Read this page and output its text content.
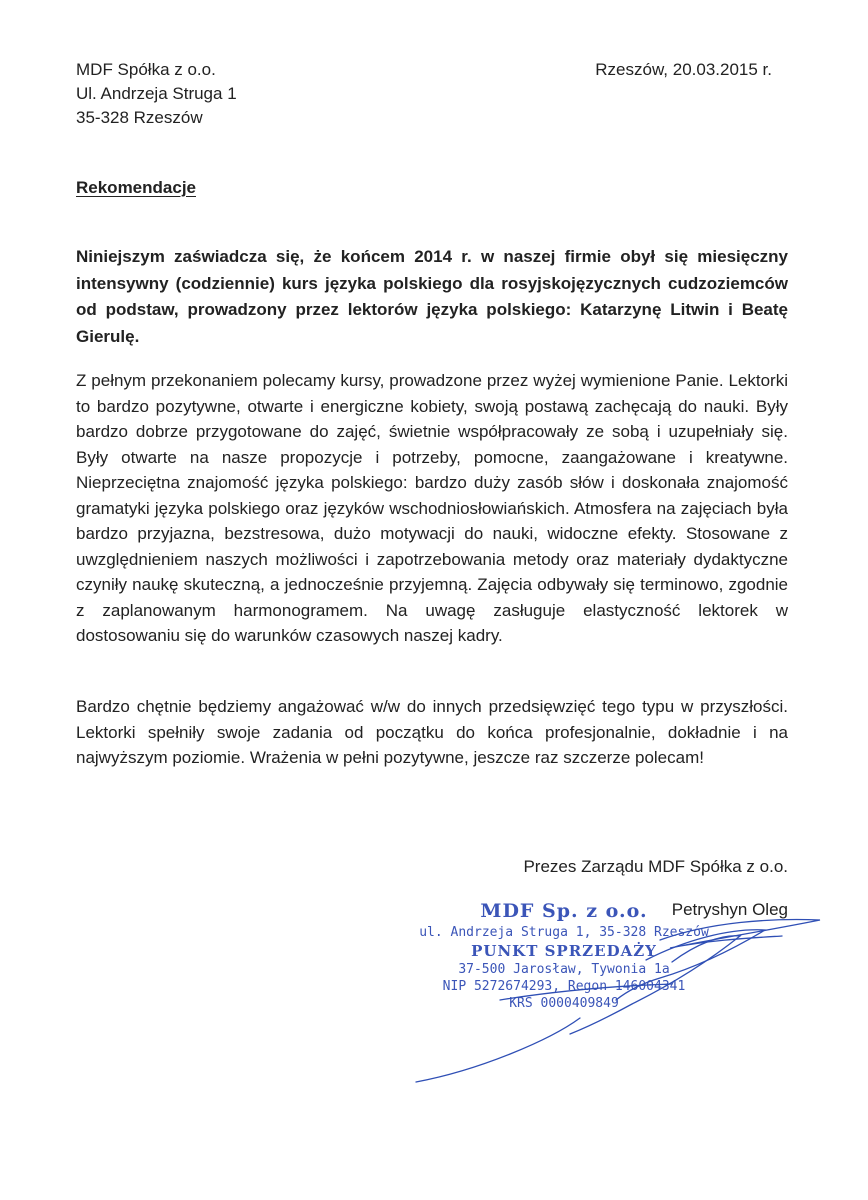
MDF Spółka z o.o.
Ul. Andrzeja Struga 1
35-328 Rzeszów
Rzeszów, 20.03.2015 r.
Rekomendacje

Niniejszym zaświadcza się, że końcem 2014 r. w naszej firmie obył się miesięczny intensywny (codziennie) kurs języka polskiego dla rosyjskojęzycznych cudzoziemców od podstaw, prowadzony przez lektorów języka polskiego: Katarzynę Litwin i Beatę Gierulę.

Z pełnym przekonaniem polecamy kursy, prowadzone przez wyżej wymienione Panie. Lektorki to bardzo pozytywne, otwarte i energiczne kobiety, swoją postawą zachęcają do nauki. Były bardzo dobrze przygotowane do zajęć, świetnie współpracowały ze sobą i uzupełniały się. Były otwarte na nasze propozycje i potrzeby, pomocne, zaangażowane i kreatywne. Nieprzeciętna znajomość języka polskiego: bardzo duży zasób słów i doskonała znajomość gramatyki języka polskiego oraz języków wschodniosłowiańskich. Atmosfera na zajęciach była bardzo przyjazna, bezstresowa, dużo motywacji do nauki, widoczne efekty. Stosowane z uwzględnieniem naszych możliwości i zapotrzebowania metody oraz materiały dydaktyczne czyniły naukę skuteczną, a jednocześnie przyjemną. Zajęcia odbywały się terminowo, zgodnie z zaplanowanym harmonogramem. Na uwagę zasługuje elastyczność lektorek w dostosowaniu się do warunków czasowych naszej kadry.

Bardzo chętnie będziemy angażować w/w do innych przedsięwzięć tego typu w przyszłości. Lektorki spełniły swoje zadania od początku do końca profesjonalnie, dokładnie i na najwyższym poziomie. Wrażenia w pełni pozytywne, jeszcze raz szczerze polecam!

Prezes Zarządu MDF Spółka z o.o.
MDF Sp. z o.o.
ul. Andrzeja Struga 1, 35-328 Rzeszów
PUNKT SPRZEDAŻY
37-500 Jarosław, Tywonia 1a
NIP 5272674293, Regon 146004341
KRS 0000409849
Petryshyn Oleg
